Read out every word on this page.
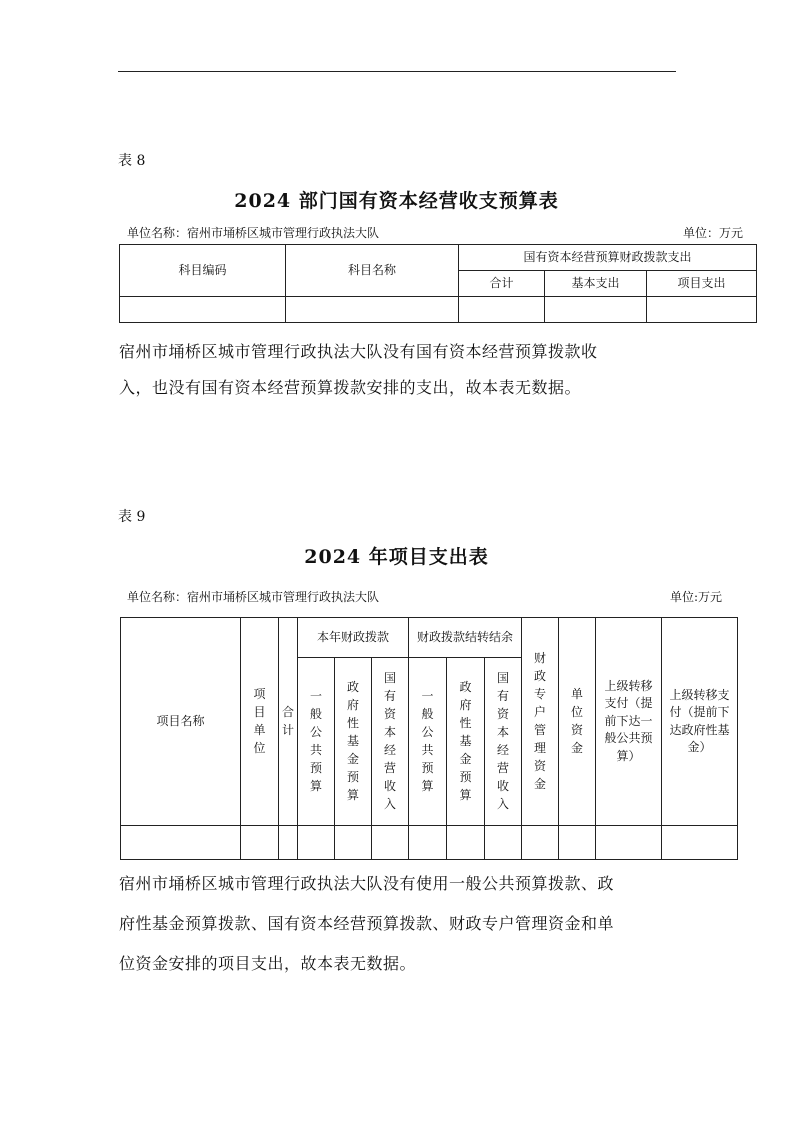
表 8
2024 部门国有资本经营收支预算表
单位名称：宿州市埇桥区城市管理行政执法大队	单位：万元
科目编码	科目名称	国有资本经营预算财政拨款支出		
		合计	基本支出	项目支出

宿州市埇桥区城市管理行政执法大队没有国有资本经营预算拨款收
入，也没有国有资本经营预算拨款安排的支出，故本表无数据。
表 9
2024 年项目支出表
单位名称：宿州市埇桥区城市管理行政执法大队	单位:万元
项目名称	项目单位	合计	本年财政拨款			财政拨款结转结余			财政专户管理资金	单位资金	上级转移支付（提前下达一般公共预算）	上级转移支付（提前下达政府性基金）
			一般公共预算	政府性基金预算	国有资本经营收入	一般公共预算	政府性基金预算	国有资本经营收入				

宿州市埇桥区城市管理行政执法大队没有使用一般公共预算拨款、政
府性基金预算拨款、国有资本经营预算拨款、财政专户管理资金和单
位资金安排的项目支出，故本表无数据。
